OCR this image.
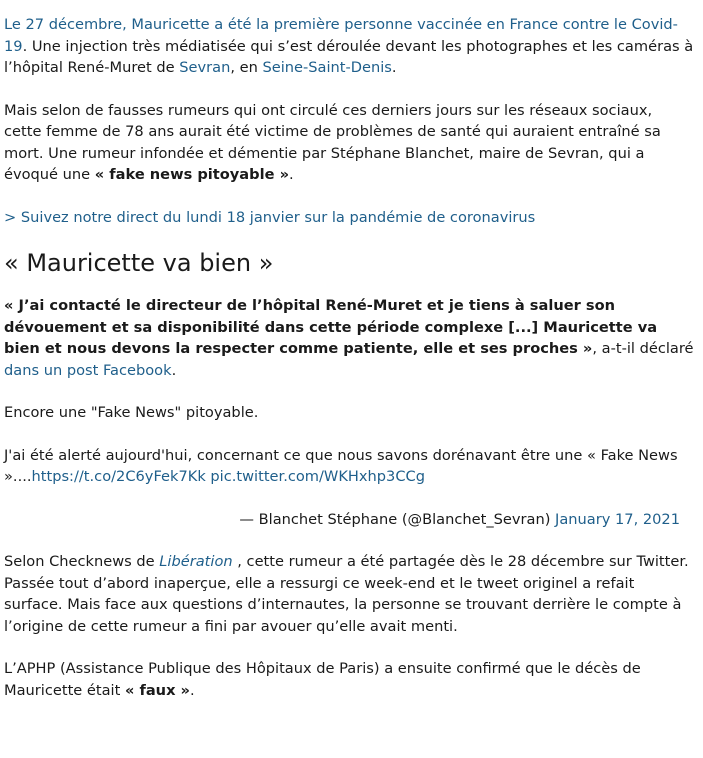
Le 27 décembre, Mauricette a été la première personne vaccinée en France contre le Covid-19. Une injection très médiatisée qui s’est déroulée devant les photographes et les caméras à l’hôpital René-Muret de Sevran, en Seine-Saint-Denis.

Mais selon de fausses rumeurs qui ont circulé ces derniers jours sur les réseaux sociaux, cette femme de 78 ans aurait été victime de problèmes de santé qui auraient entraîné sa mort. Une rumeur infondée et démentie par Stéphane Blanchet, maire de Sevran, qui a évoqué une « fake news pitoyable ».

> Suivez notre direct du lundi 18 janvier sur la pandémie de coronavirus

« Mauricette va bien »

« J’ai contacté le directeur de l’hôpital René-Muret et je tiens à saluer son dévouement et sa disponibilité dans cette période complexe [...] Mauricette va bien et nous devons la respecter comme patiente, elle et ses proches », a-t-il déclaré dans un post Facebook.

Encore une "Fake News" pitoyable.

J'ai été alerté aujourd'hui, concernant ce que nous savons dorénavant être une « Fake News »....https://t.co/2C6yFek7Kk pic.twitter.com/WKHxhp3CCg

— Blanchet Stéphane (@Blanchet_Sevran) January 17, 2021

Selon Checknews de Libération , cette rumeur a été partagée dès le 28 décembre sur Twitter. Passée tout d’abord inaperçue, elle a ressurgi ce week-end et le tweet originel a refait surface. Mais face aux questions d’internautes, la personne se trouvant derrière le compte à l’origine de cette rumeur a fini par avouer qu’elle avait menti.

L’APHP (Assistance Publique des Hôpitaux de Paris) a ensuite confirmé que le décès de Mauricette était « faux ».
